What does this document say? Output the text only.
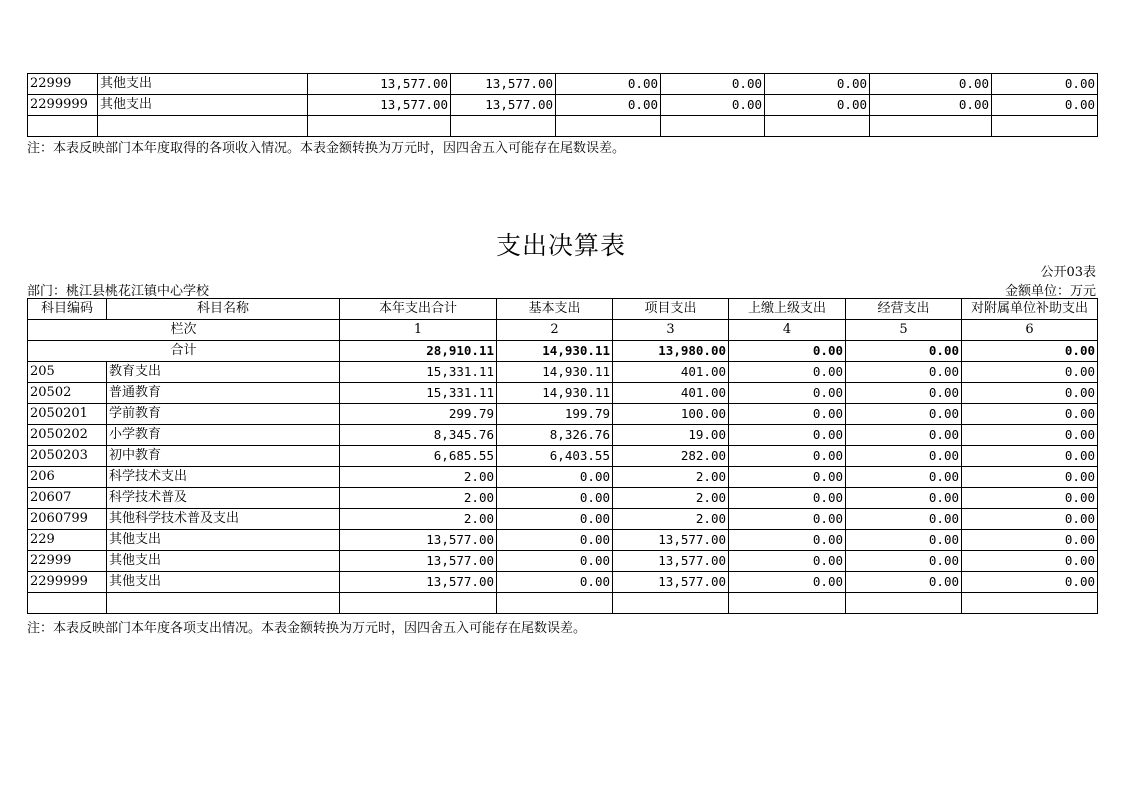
22999	其他支出	13,577.00	13,577.00	0.00	0.00	0.00	0.00	0.00
2299999	其他支出	13,577.00	13,577.00	0.00	0.00	0.00	0.00	0.00

注：本表反映部门本年度取得的各项收入情况。本表金额转换为万元时，因四舍五入可能存在尾数误差。
支出决算表
公开03表
部门：桃江县桃花江镇中心学校	金额单位：万元
科目编码	科目名称	本年支出合计	基本支出	项目支出	上缴上级支出	经营支出	对附属单位补助支出
栏次		1	2	3	4	5	6
合计		28,910.11	14,930.11	13,980.00	0.00	0.00	0.00
205	教育支出	15,331.11	14,930.11	401.00	0.00	0.00	0.00
20502	普通教育	15,331.11	14,930.11	401.00	0.00	0.00	0.00
2050201	学前教育	299.79	199.79	100.00	0.00	0.00	0.00
2050202	小学教育	8,345.76	8,326.76	19.00	0.00	0.00	0.00
2050203	初中教育	6,685.55	6,403.55	282.00	0.00	0.00	0.00
206	科学技术支出	2.00	0.00	2.00	0.00	0.00	0.00
20607	科学技术普及	2.00	0.00	2.00	0.00	0.00	0.00
2060799	其他科学技术普及支出	2.00	0.00	2.00	0.00	0.00	0.00
229	其他支出	13,577.00	0.00	13,577.00	0.00	0.00	0.00
22999	其他支出	13,577.00	0.00	13,577.00	0.00	0.00	0.00
2299999	其他支出	13,577.00	0.00	13,577.00	0.00	0.00	0.00

注：本表反映部门本年度各项支出情况。本表金额转换为万元时，因四舍五入可能存在尾数误差。
